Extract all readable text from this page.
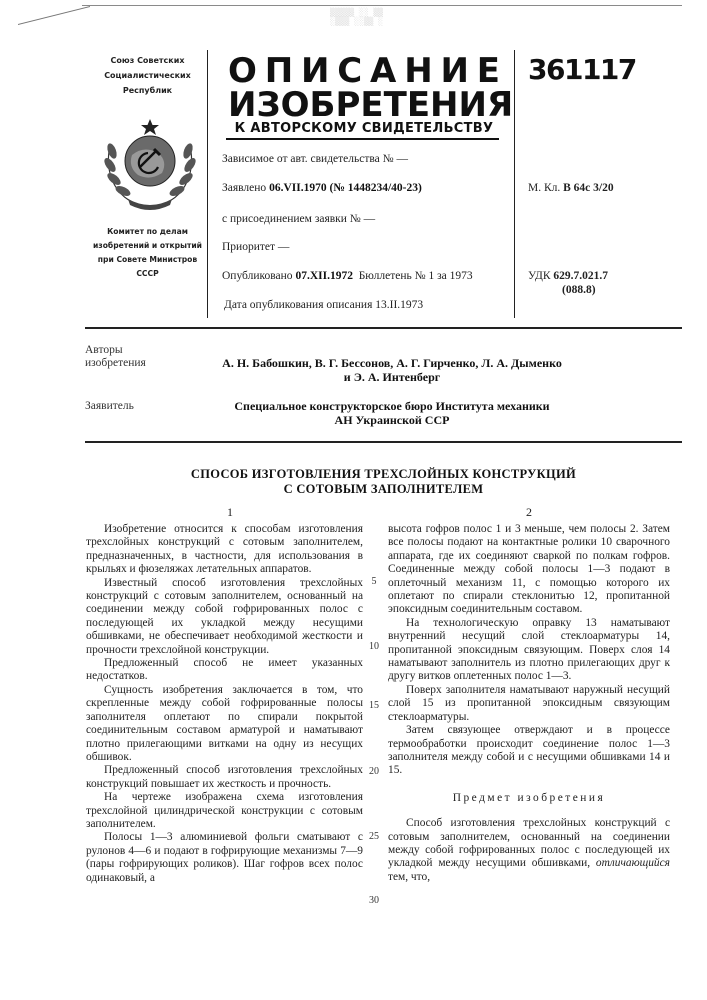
▒▒▒▒▒ ░░ ▒▒
░▒▒▒ ░░▒▒ ░
Союз Советских
Социалистических
Республик
Комитет по делам
изобретений и открытий
при Совете Министров
СССР
О П И С А Н И Е
И З О Б Р Е Т Е Н И Я
К АВТОРСКОМУ СВИДЕТЕЛЬСТВУ
361117
Зависимое от авт. свидетельства № —
Заявлено 06.VII.1970 (№ 1448234/40-23)
с присоединением заявки № —
Приоритет —
Опубликовано 07.XII.1972 Бюллетень № 1 за 1973
Дата опубликования описания 13.II.1973
М. Кл. В 64с 3/20
УДК 629.7.021.7
(088.8)
Авторы
изобретения	А. Н. Бабошкин, В. Г. Бессонов, А. Г. Гирченко, Л. А. Дыменко
и Э. А. Интенберг
Заявитель	Специальное конструкторское бюро Института механики
АН Украинской ССР
СПОСОБ ИЗГОТОВЛЕНИЯ ТРЕХСЛОЙНЫХ КОНСТРУКЦИЙ
С СОТОВЫМ ЗАПОЛНИТЕЛЕМ
1	2

Изобретение относится к способам изготовления трехслойных конструкций с сотовым заполнителем, предназначенных, в частности, для использования в крыльях и фюзеляжах летательных аппаратов.

Известный способ изготовления трехслойных конструкций с сотовым заполнителем, основанный на соединении между собой гофрированных полос с последующей их укладкой между несущими обшивками, не обеспечивает необходимой жесткости и прочности трехслойной конструкции.

Предложенный способ не имеет указанных недостатков.

Сущность изобретения заключается в том, что скрепленные между собой гофрированные полосы заполнителя оплетают по спирали покрытой соединительным составом арматурой и наматывают плотно прилегающими витками на одну из несущих обшивок.

Предложенный способ изготовления трехслойных конструкций повышает их жесткость и прочность.

На чертеже изображена схема изготовления трехслойной цилиндрической конструкции с сотовым заполнителем.

Полосы 1—3 алюминиевой фольги сматывают с рулонов 4—6 и подают в гофрирующие механизмы 7—9 (пары гофрирующих роликов). Шаг гофров всех полос одинаковый, а

5
10
15
20
25
30

высота гофров полос 1 и 3 меньше, чем полосы 2. Затем все полосы подают на контактные ролики 10 сварочного аппарата, где их соединяют сваркой по полкам гофров. Соединенные между собой полосы 1—3 подают в оплеточный механизм 11, с помощью которого их оплетают по спирали стеклонитью 12, пропитанной эпоксидным соединительным составом.

На технологическую оправку 13 наматывают внутренний несущий слой стеклоарматуры 14, пропитанной эпоксидным связующим. Поверх слоя 14 наматывают заполнитель из плотно прилегающих друг к другу витков оплетенных полос 1—3.

Поверх заполнителя наматывают наружный несущий слой 15 из пропитанной эпоксидным связующим стеклоарматуры.

Затем связующее отверждают и в процессе термообработки происходит соединение полос 1—3 заполнителя между собой и с несущими обшивками 14 и 15.

Предмет изобретения

Способ изготовления трехслойных конструкций с сотовым заполнителем, основанный на соединении между собой гофрированных полос с последующей их укладкой между несущими обшивками, отличающийся тем, что,
